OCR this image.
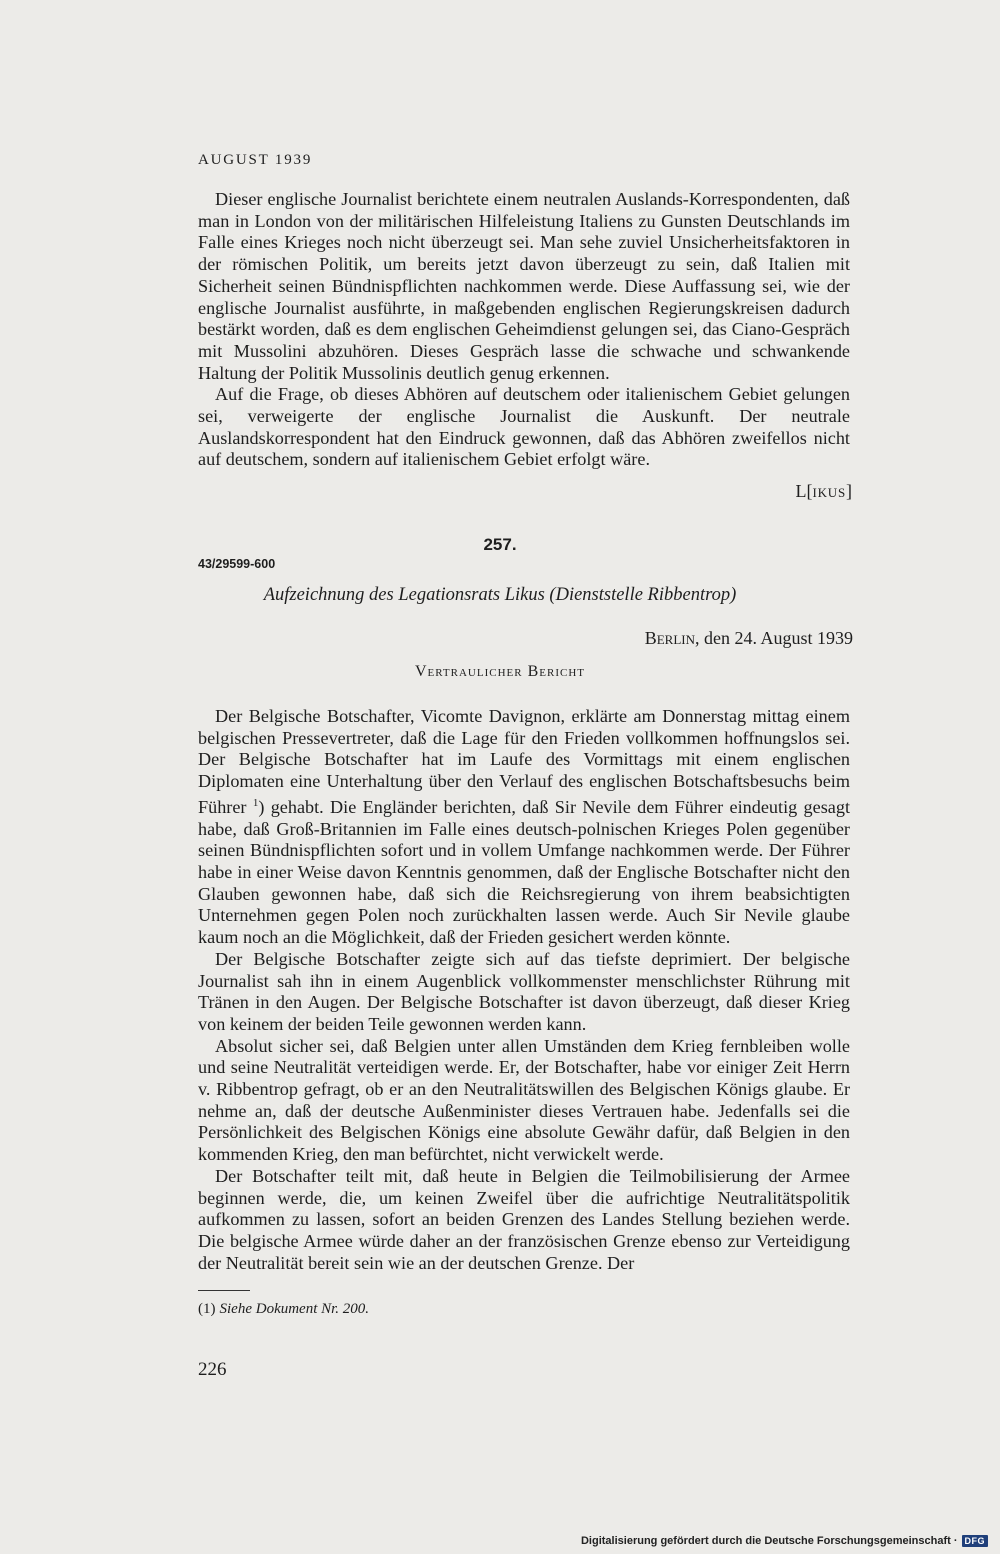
AUGUST 1939

Dieser englische Journalist berichtete einem neutralen Auslands-Korrespondenten, daß man in London von der militärischen Hilfeleistung Italiens zu Gunsten Deutschlands im Falle eines Krieges noch nicht überzeugt sei. Man sehe zuviel Unsicherheitsfaktoren in der römischen Politik, um bereits jetzt davon überzeugt zu sein, daß Italien mit Sicherheit seinen Bündnispflichten nachkommen werde. Diese Auffassung sei, wie der englische Journalist ausführte, in maßgebenden englischen Regierungskreisen dadurch bestärkt worden, daß es dem englischen Geheimdienst gelungen sei, das Ciano-Gespräch mit Mussolini abzuhören. Dieses Gespräch lasse die schwache und schwankende Haltung der Politik Mussolinis deutlich genug erkennen.

Auf die Frage, ob dieses Abhören auf deutschem oder italienischem Gebiet gelungen sei, verweigerte der englische Journalist die Auskunft. Der neutrale Auslandskorrespondent hat den Eindruck gewonnen, daß das Abhören zweifellos nicht auf deutschem, sondern auf italienischem Gebiet erfolgt wäre.

L[IKUS]
257.
43/29599-600
Aufzeichnung des Legationsrats Likus (Dienststelle Ribbentrop)
Berlin, den 24. August 1939
Vertraulicher Bericht

Der Belgische Botschafter, Vicomte Davignon, erklärte am Donnerstag mittag einem belgischen Pressevertreter, daß die Lage für den Frieden vollkommen hoffnungslos sei. Der Belgische Botschafter hat im Laufe des Vormittags mit einem englischen Diplomaten eine Unterhaltung über den Verlauf des englischen Botschaftsbesuchs beim Führer $^1$) gehabt. Die Engländer berichten, daß Sir Nevile dem Führer eindeutig gesagt habe, daß Groß-Britannien im Falle eines deutsch-polnischen Krieges Polen gegenüber seinen Bündnispflichten sofort und in vollem Umfange nachkommen werde. Der Führer habe in einer Weise davon Kenntnis genommen, daß der Englische Botschafter nicht den Glauben gewonnen habe, daß sich die Reichsregierung von ihrem beabsichtigten Unternehmen gegen Polen noch zurückhalten lassen werde. Auch Sir Nevile glaube kaum noch an die Möglichkeit, daß der Frieden gesichert werden könnte.

Der Belgische Botschafter zeigte sich auf das tiefste deprimiert. Der belgische Journalist sah ihn in einem Augenblick vollkommenster menschlichster Rührung mit Tränen in den Augen. Der Belgische Botschafter ist davon überzeugt, daß dieser Krieg von keinem der beiden Teile gewonnen werden kann.

Absolut sicher sei, daß Belgien unter allen Umständen dem Krieg fernbleiben wolle und seine Neutralität verteidigen werde. Er, der Botschafter, habe vor einiger Zeit Herrn v. Ribbentrop gefragt, ob er an den Neutralitätswillen des Belgischen Königs glaube. Er nehme an, daß der deutsche Außenminister dieses Vertrauen habe. Jedenfalls sei die Persönlichkeit des Belgischen Königs eine absolute Gewähr dafür, daß Belgien in den kommenden Krieg, den man befürchtet, nicht verwickelt werde.

Der Botschafter teilt mit, daß heute in Belgien die Teilmobilisierung der Armee beginnen werde, die, um keinen Zweifel über die aufrichtige Neutralitätspolitik aufkommen zu lassen, sofort an beiden Grenzen des Landes Stellung beziehen werde. Die belgische Armee würde daher an der französischen Grenze ebenso zur Verteidigung der Neutralität bereit sein wie an der deutschen Grenze. Der

(1) Siehe Dokument Nr. 200.
226
Digitalisierung gefördert durch die Deutsche Forschungsgemeinschaft · DFG
